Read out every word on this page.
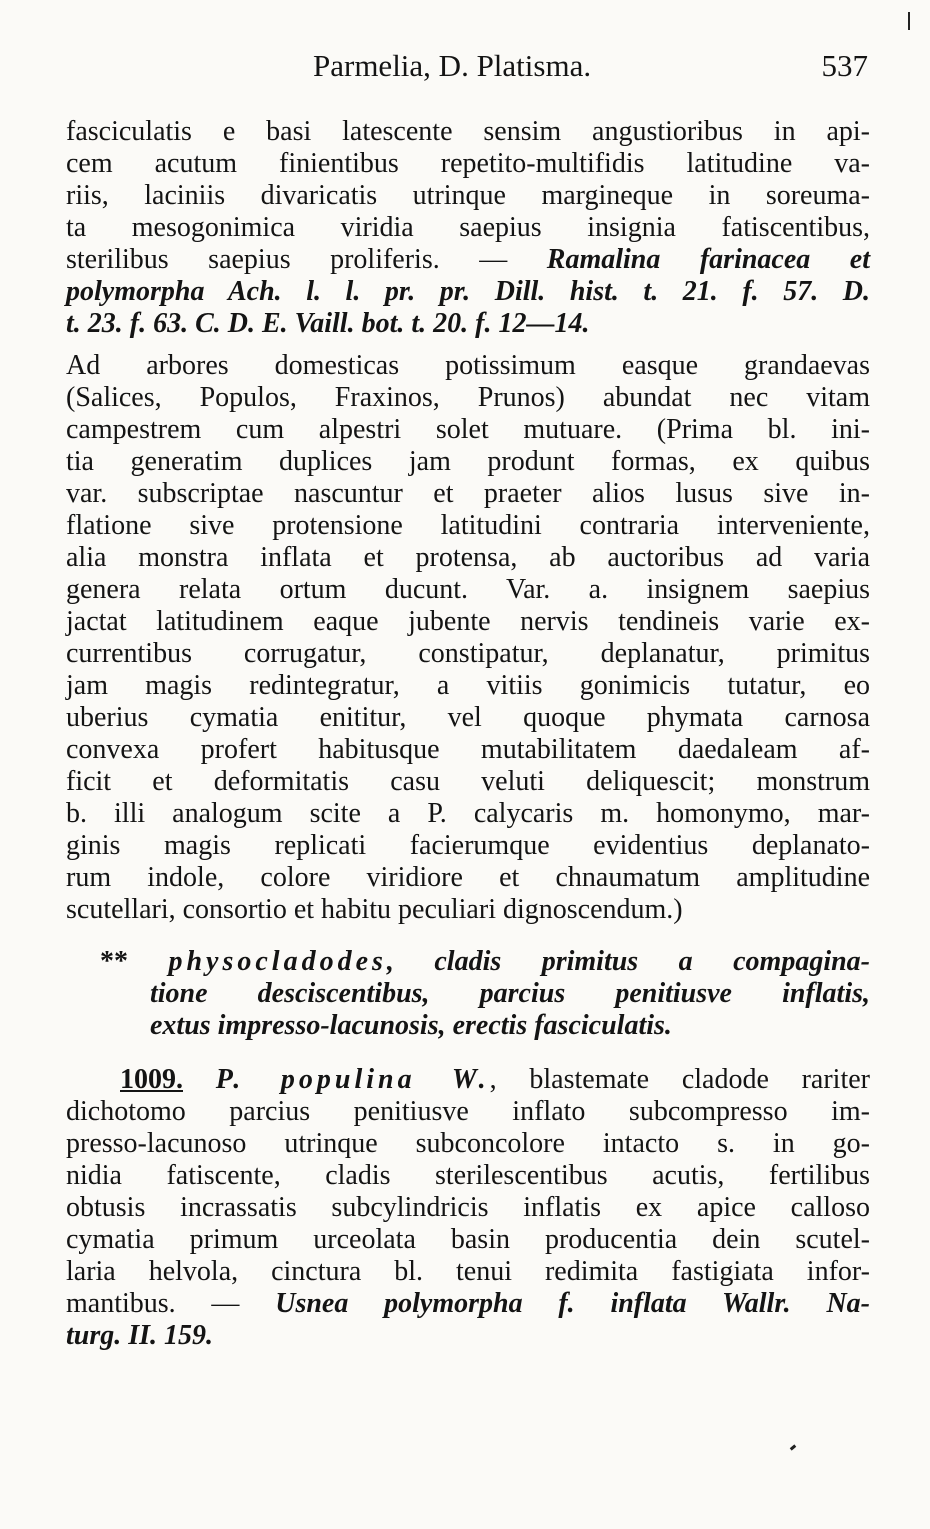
Parmelia, D. Platisma.	537
fasciculatis e basi latescente sensim angustioribus in api-
cem acutum finientibus repetito-multifidis latitudine va-
riis, laciniis divaricatis utrinque margineque in soreuma-
ta mesogonimica viridia saepius insignia fatiscentibus,
sterilibus saepius proliferis. — Ramalina farinacea et
polymorpha Ach. l. l. pr. pr. Dill. hist. t. 21. f. 57. D.
t. 23. f. 63. C. D. E. Vaill. bot. t. 20. f. 12—14.
Ad arbores domesticas potissimum easque grandaevas
(Salices, Populos, Fraxinos, Prunos) abundat nec vitam
campestrem cum alpestri solet mutuare. (Prima bl. ini-
tia generatim duplices jam produnt formas, ex quibus
var. subscriptae nascuntur et praeter alios lusus sive in-
flatione sive protensione latitudini contraria interveniente,
alia monstra inflata et protensa, ab auctoribus ad varia
genera relata ortum ducunt. Var. a. insignem saepius
jactat latitudinem eaque jubente nervis tendineis varie ex-
currentibus corrugatur, constipatur, deplanatur, primitus
jam magis redintegratur, a vitiis gonimicis tutatur, eo
uberius cymatia enititur, vel quoque phymata carnosa
convexa profert habitusque mutabilitatem daedaleam af-
ficit et deformitatis casu veluti deliquescit; monstrum
b. illi analogum scite a P. calycaris m. homonymo, mar-
ginis magis replicati facierumque evidentius deplanato-
rum indole, colore viridiore et chnaumatum amplitudine
scutellari, consortio et habitu peculiari dignoscendum.)
** physocladodes, cladis primitus a compagina-
tione desciscentibus, parcius penitiusve inflatis,
extus impresso-lacunosis, erectis fasciculatis.
1009. P. populina W., blastemate cladode rariter
dichotomo parcius penitiusve inflato subcompresso im-
presso-lacunoso utrinque subconcolore intacto s. in go-
nidia fatiscente, cladis sterilescentibus acutis, fertilibus
obtusis incrassatis subcylindricis inflatis ex apice calloso
cymatia primum urceolata basin producentia dein scutel-
laria helvola, cinctura bl. tenui redimita fastigiata infor-
mantibus. — Usnea polymorpha f. inflata Wallr. Na-
turg. II. 159.
